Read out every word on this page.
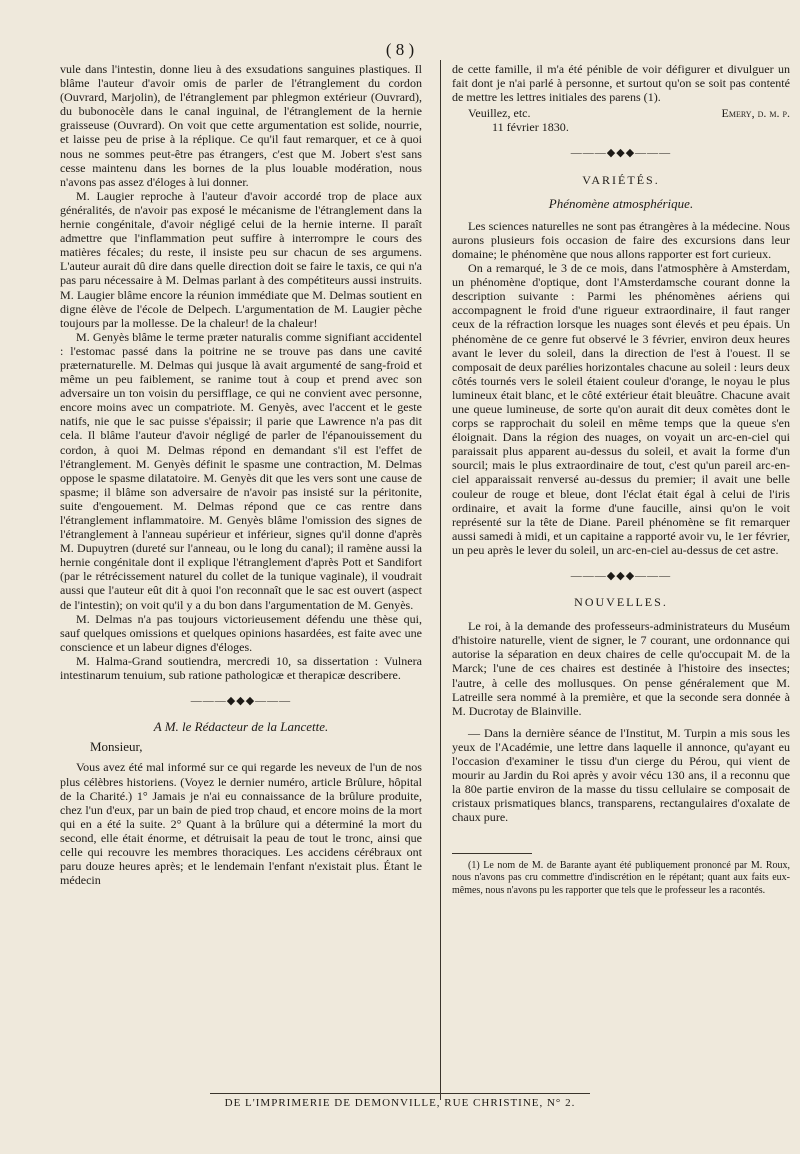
( 8 )

vule dans l'intestin, donne lieu à des exsudations sanguines plastiques. Il blâme l'auteur d'avoir omis de parler de l'étranglement du cordon (Ouvrard, Marjolin), de l'étranglement par phlegmon extérieur (Ouvrard), du bubonocèle dans le canal inguinal, de l'étranglement de la hernie graisseuse (Ouvrard). On voit que cette argumentation est solide, nourrie, et laisse peu de prise à la réplique. Ce qu'il faut remarquer, et ce à quoi nous ne sommes peut-être pas étrangers, c'est que M. Jobert s'est sans cesse maintenu dans les bornes de la plus louable modération, nous n'avons pas assez d'éloges à lui donner.

M. Laugier reproche à l'auteur d'avoir accordé trop de place aux généralités, de n'avoir pas exposé le mécanisme de l'étranglement dans la hernie congénitale, d'avoir négligé celui de la hernie interne. Il paraît admettre que l'inflammation peut suffire à interrompre le cours des matières fécales; du reste, il insiste peu sur chacun de ses argumens. L'auteur aurait dû dire dans quelle direction doit se faire le taxis, ce qui n'a pas paru nécessaire à M. Delmas parlant à des compétiteurs aussi instruits. M. Laugier blâme encore la réunion immédiate que M. Delmas soutient en digne élève de l'école de Delpech. L'argumentation de M. Laugier pèche toujours par la mollesse. De la chaleur! de la chaleur!

M. Genyès blâme le terme præter naturalis comme signifiant accidentel : l'estomac passé dans la poitrine ne se trouve pas dans une cavité præternaturelle. M. Delmas qui jusque là avait argumenté de sang-froid et même un peu faiblement, se ranime tout à coup et prend avec son adversaire un ton voisin du persifflage, ce qui ne convient avec personne, encore moins avec un compatriote. M. Genyès, avec l'accent et le geste natifs, nie que le sac puisse s'épaissir; il parie que Lawrence n'a pas dit cela. Il blâme l'auteur d'avoir négligé de parler de l'épanouissement du cordon, à quoi M. Delmas répond en demandant s'il est l'effet de l'étranglement. M. Genyès définit le spasme une contraction, M. Delmas oppose le spasme dilatatoire. M. Genyès dit que les vers sont une cause de spasme; il blâme son adversaire de n'avoir pas insisté sur la péritonite, suite d'engouement. M. Delmas répond que ce cas rentre dans l'étranglement inflammatoire. M. Genyès blâme l'omission des signes de l'étranglement à l'anneau supérieur et inférieur, signes qu'il donne d'après M. Dupuytren (dureté sur l'anneau, ou le long du canal); il ramène aussi la hernie congénitale dont il explique l'étranglement d'après Pott et Sandifort (par le rétrécissement naturel du collet de la tunique vaginale), il voudrait aussi que l'auteur eût dit à quoi l'on reconnaît que le sac est ouvert (aspect de l'intestin); on voit qu'il y a du bon dans l'argumentation de M. Genyès.

M. Delmas n'a pas toujours victorieusement défendu une thèse qui, sauf quelques omissions et quelques opinions hasardées, est faite avec une conscience et un labeur dignes d'éloges.

M. Halma-Grand soutiendra, mercredi 10, sa dissertation : Vulnera intestinarum tenuium, sub ratione pathologicæ et therapicæ describere.

———◆◆◆———
A M. le Rédacteur de la Lancette.
Monsieur,

Vous avez été mal informé sur ce qui regarde les neveux de l'un de nos plus célèbres historiens. (Voyez le dernier numéro, article Brûlure, hôpital de la Charité.) 1° Jamais je n'ai eu connaissance de la brûlure produite, chez l'un d'eux, par un bain de pied trop chaud, et encore moins de la mort qui en a été la suite. 2° Quant à la brûlure qui a déterminé la mort du second, elle était énorme, et détruisait la peau de tout le tronc, ainsi que celle qui recouvre les membres thoraciques. Les accidens cérébraux ont paru douze heures après; et le lendemain l'enfant n'existait plus. Étant le médecin

de cette famille, il m'a été pénible de voir défigurer et divulguer un fait dont je n'ai parlé à personne, et surtout qu'on se soit pas contenté de mettre les lettres initiales des parens (1).

Veuillez, etc.	Emery, d. m. p.
11 février 1830.
———◆◆◆———
VARIÉTÉS.
Phénomène atmosphérique.

Les sciences naturelles ne sont pas étrangères à la médecine. Nous aurons plusieurs fois occasion de faire des excursions dans leur domaine; le phénomène que nous allons rapporter est fort curieux.

On a remarqué, le 3 de ce mois, dans l'atmosphère à Amsterdam, un phénomène d'optique, dont l'Amsterdamsche courant donne la description suivante : Parmi les phénomènes aériens qui accompagnent le froid d'une rigueur extraordinaire, il faut ranger ceux de la réfraction lorsque les nuages sont élevés et peu épais. Un phénomène de ce genre fut observé le 3 février, environ deux heures avant le lever du soleil, dans la direction de l'est à l'ouest. Il se composait de deux parélies horizontales chacune au soleil : leurs deux côtés tournés vers le soleil étaient couleur d'orange, le noyau le plus lumineux était blanc, et le côté extérieur était bleuâtre. Chacune avait une queue lumineuse, de sorte qu'on aurait dit deux comètes dont le corps se rapprochait du soleil en même temps que la queue s'en éloignait. Dans la région des nuages, on voyait un arc-en-ciel qui paraissait plus apparent au-dessus du soleil, et avait la forme d'un sourcil; mais le plus extraordinaire de tout, c'est qu'un pareil arc-en-ciel apparaissait renversé au-dessus du premier; il avait une belle couleur de rouge et bleue, dont l'éclat était égal à celui de l'iris ordinaire, et avait la forme d'une faucille, ainsi qu'on le voit représenté sur la tête de Diane. Pareil phénomène se fit remarquer aussi samedi à midi, et un capitaine a rapporté avoir vu, le 1er février, un peu après le lever du soleil, un arc-en-ciel au-dessus de cet astre.

———◆◆◆———
NOUVELLES.

Le roi, à la demande des professeurs-administrateurs du Muséum d'histoire naturelle, vient de signer, le 7 courant, une ordonnance qui autorise la séparation en deux chaires de celle qu'occupait M. de la Marck; l'une de ces chaires est destinée à l'histoire des insectes; l'autre, à celle des mollusques. On pense généralement que M. Latreille sera nommé à la première, et que la seconde sera donnée à M. Ducrotay de Blainville.

— Dans la dernière séance de l'Institut, M. Turpin a mis sous les yeux de l'Académie, une lettre dans laquelle il annonce, qu'ayant eu l'occasion d'examiner le tissu d'un cierge du Pérou, qui vient de mourir au Jardin du Roi après y avoir vécu 130 ans, il a reconnu que la 80e partie environ de la masse du tissu cellulaire se composait de cristaux prismatiques blancs, transparens, rectangulaires d'oxalate de chaux pure.

(1) Le nom de M. de Barante ayant été publiquement prononcé par M. Roux, nous n'avons pas cru commettre d'indiscrétion en le répétant; quant aux faits eux-mêmes, nous n'avons pu les rapporter que tels que le professeur les a racontés.

DE L'IMPRIMERIE DE DEMONVILLE, RUE CHRISTINE, N° 2.
